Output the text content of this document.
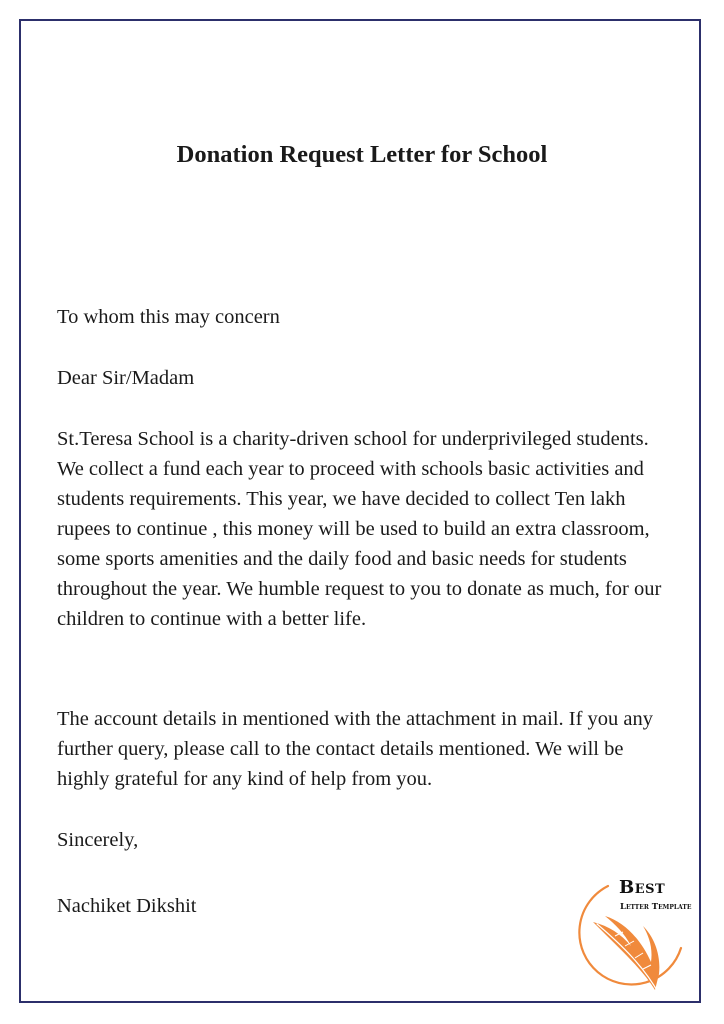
Donation Request Letter for School

To whom this may concern

Dear Sir/Madam

St.Teresa School is a charity-driven school for underprivileged students. We collect a fund each year to proceed with schools basic activities and students requirements. This year, we have decided to collect Ten lakh rupees to continue , this money will be used to build an extra classroom, some sports amenities and the daily food and basic needs for students throughout the year. We humble request to you to donate as much, for our children to continue with a better life.

The account details in mentioned with the attachment in mail. If you any further query, please call to the contact details mentioned. We will be highly grateful for any kind of help from you.

Sincerely,

Nachiket Dikshit

Best
Letter Template
